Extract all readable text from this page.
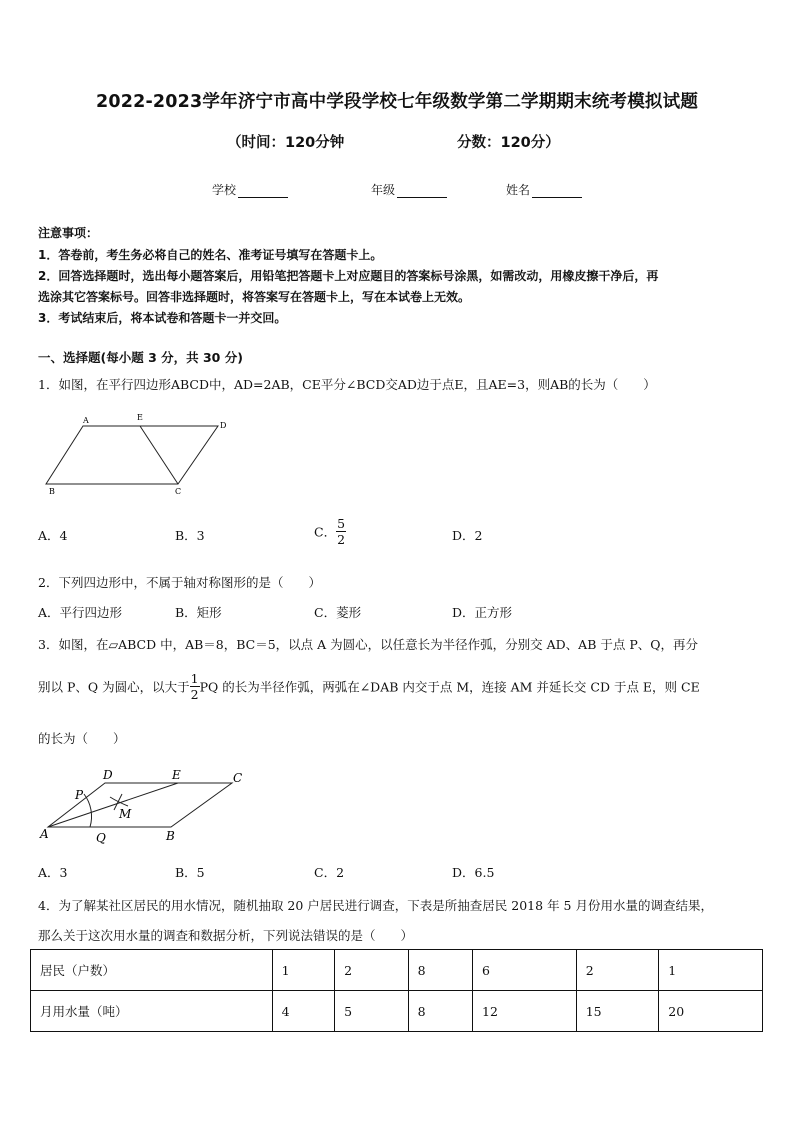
2022-2023学年济宁市高中学段学校七年级数学第二学期期末统考模拟试题
（时间：120分钟	分数：120分）
学校	年级	姓名
注意事项：
1．答卷前，考生务必将自己的姓名、准考证号填写在答题卡上。
2．回答选择题时，选出每小题答案后，用铅笔把答题卡上对应题目的答案标号涂黑，如需改动，用橡皮擦干净后，再
选涂其它答案标号。回答非选择题时，将答案写在答题卡上，写在本试卷上无效。
3．考试结束后，将本试卷和答题卡一并交回。
一、选择题(每小题 3 分，共 30 分)
1．如图，在平行四边形ABCD中，AD=2AB，CE平分∠BCD交AD边于点E，且AE=3，则AB的长为（　　）
A	E
D
B	C
A．4	B．3	C． $\frac{5}{2}$	D．2
2．下列四边形中，不属于轴对称图形的是（　　）
A．平行四边形	B．矩形	C．菱形	D．正方形
3．如图，在▱ABCD 中，AB＝8，BC＝5，以点 A 为圆心，以任意长为半径作弧，分别交 AD、AB 于点 P、Q，再分
别以 P、Q 为圆心，以大于 $\frac{1}{2}$ PQ 的长为半径作弧，两弧在∠DAB 内交于点 M，连接 AM 并延长交 CD 于点 E，则 CE
的长为（　　）
D	E	C
P
M
A	Q	B
A．3	B．5	C．2	D．6.5
4．为了解某社区居民的用水情况，随机抽取 20 户居民进行调查，下表是所抽查居民 2018 年 5 月份用水量的调查结果，
那么关于这次用水量的调查和数据分析，下列说法错误的是（　　）
居民（户数）	1	2	8	6	2	1
月用水量（吨）	4	5	8	12	15	20
